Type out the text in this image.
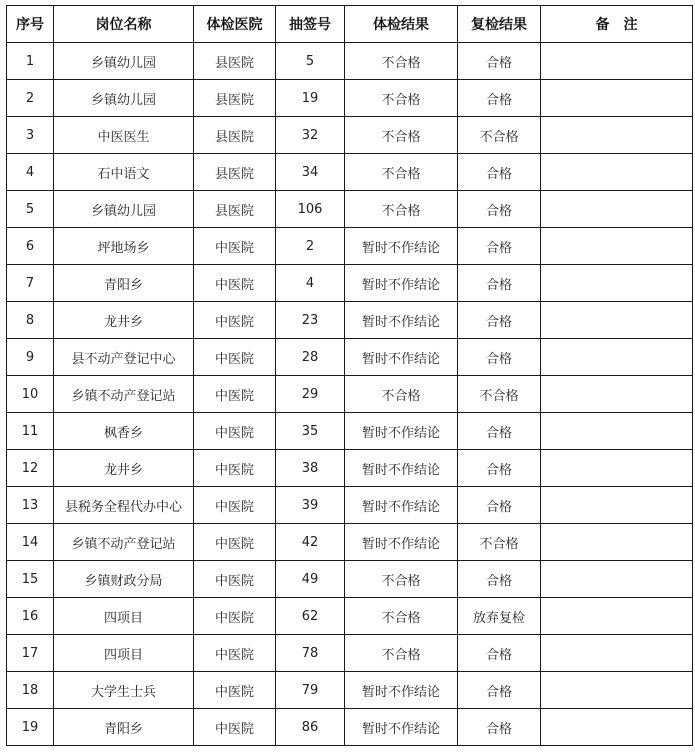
序号	岗位名称	体检医院	抽签号	体检结果	复检结果	备　注
1	乡镇幼儿园	县医院	5	不合格	合格	
2	乡镇幼儿园	县医院	19	不合格	合格	
3	中医医生	县医院	32	不合格	不合格	
4	石中语文	县医院	34	不合格	合格	
5	乡镇幼儿园	县医院	106	不合格	合格	
6	坪地场乡	中医院	2	暂时不作结论	合格	
7	青阳乡	中医院	4	暂时不作结论	合格	
8	龙井乡	中医院	23	暂时不作结论	合格	
9	县不动产登记中心	中医院	28	暂时不作结论	合格	
10	乡镇不动产登记站	中医院	29	不合格	不合格	
11	枫香乡	中医院	35	暂时不作结论	合格	
12	龙井乡	中医院	38	暂时不作结论	合格	
13	县税务全程代办中心	中医院	39	暂时不作结论	合格	
14	乡镇不动产登记站	中医院	42	暂时不作结论	不合格	
15	乡镇财政分局	中医院	49	不合格	合格	
16	四项目	中医院	62	不合格	放弃复检	
17	四项目	中医院	78	不合格	合格	
18	大学生士兵	中医院	79	暂时不作结论	合格	
19	青阳乡	中医院	86	暂时不作结论	合格	
